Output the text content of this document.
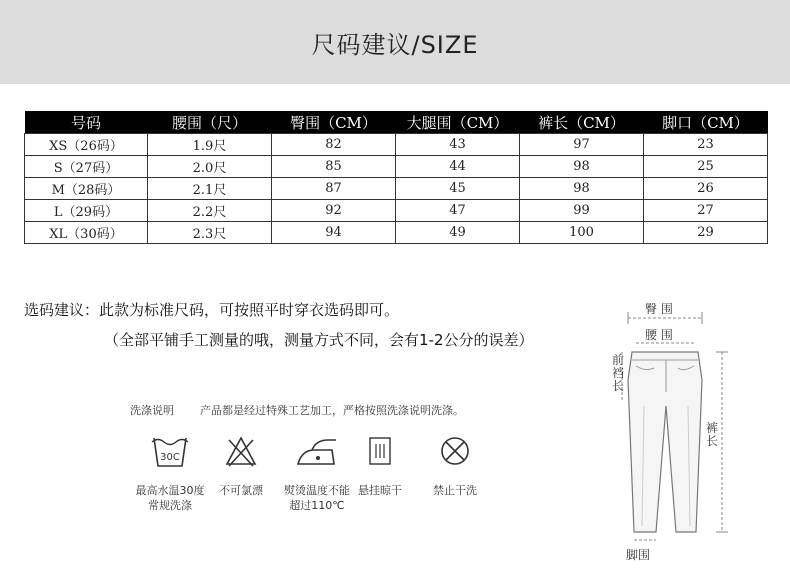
尺码建议/SIZE
号码	腰围（尺）	臀围（CM）	大腿围（CM）	裤长（CM）	脚口（CM）
XS（26码）	1.9尺	82	43	97	23
S（27码）	2.0尺	85	44	98	25
M（28码）	2.1尺	87	45	98	26
L（29码）	2.2尺	92	47	99	27
XL（30码）	2.3尺	94	49	100	29
选码建议：此款为标准尺码，可按照平时穿衣选码即可。
（全部平铺手工测量的哦，测量方式不同，会有1-2公分的误差）
洗涤说明 产品都是经过特殊工艺加工，严格按照洗涤说明洗涤。
30C
最高水温30度
常规洗涤
不可氯漂	熨烫温度不能
超过110℃
悬挂晾干	禁止干洗
臀 围
腰 围
前
裆
长
裤
长
脚围
